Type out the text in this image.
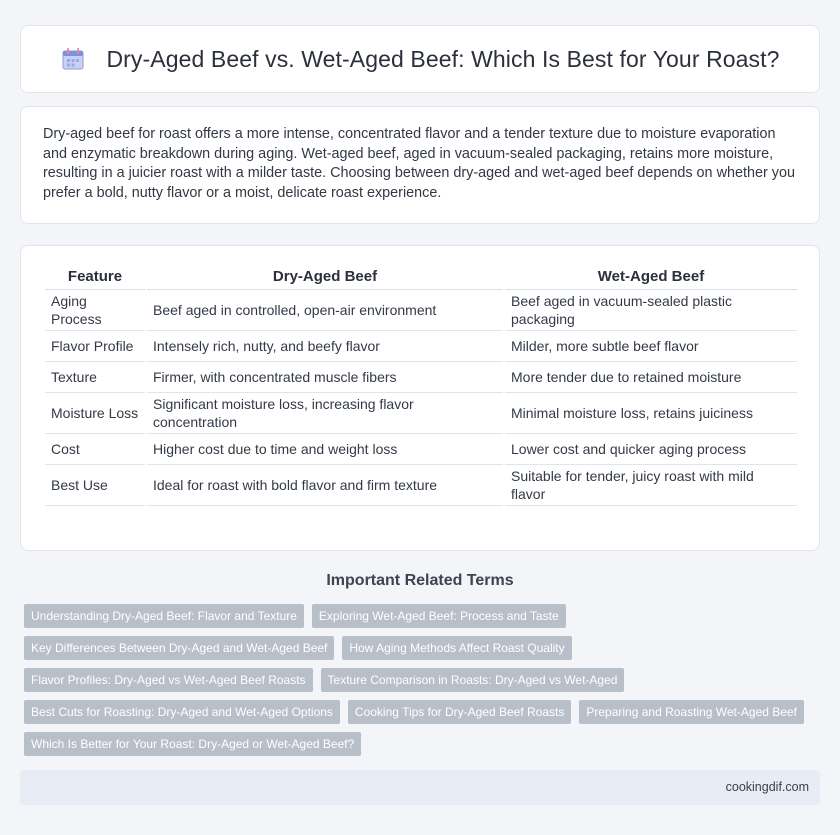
Dry-Aged Beef vs. Wet-Aged Beef: Which Is Best for Your Roast?

Dry-aged beef for roast offers a more intense, concentrated flavor and a tender texture due to moisture evaporation and enzymatic breakdown during aging. Wet-aged beef, aged in vacuum-sealed packaging, retains more moisture, resulting in a juicier roast with a milder taste. Choosing between dry-aged and wet-aged beef depends on whether you prefer a bold, nutty flavor or a moist, delicate roast experience.

Feature	Dry-Aged Beef	Wet-Aged Beef
Aging Process	Beef aged in controlled, open-air environment	Beef aged in vacuum-sealed plastic packaging
Flavor Profile	Intensely rich, nutty, and beefy flavor	Milder, more subtle beef flavor
Texture	Firmer, with concentrated muscle fibers	More tender due to retained moisture
Moisture Loss	Significant moisture loss, increasing flavor concentration	Minimal moisture loss, retains juiciness
Cost	Higher cost due to time and weight loss	Lower cost and quicker aging process
Best Use	Ideal for roast with bold flavor and firm texture	Suitable for tender, juicy roast with mild flavor
Important Related Terms
Understanding Dry-Aged Beef: Flavor and Texture	Exploring Wet-Aged Beef: Process and Taste
Key Differences Between Dry-Aged and Wet-Aged Beef	How Aging Methods Affect Roast Quality
Flavor Profiles: Dry-Aged vs Wet-Aged Beef Roasts	Texture Comparison in Roasts: Dry-Aged vs Wet-Aged
Best Cuts for Roasting: Dry-Aged and Wet-Aged Options	Cooking Tips for Dry-Aged Beef Roasts	Preparing and Roasting Wet-Aged Beef
Which Is Better for Your Roast: Dry-Aged or Wet-Aged Beef?
cookingdif.com
